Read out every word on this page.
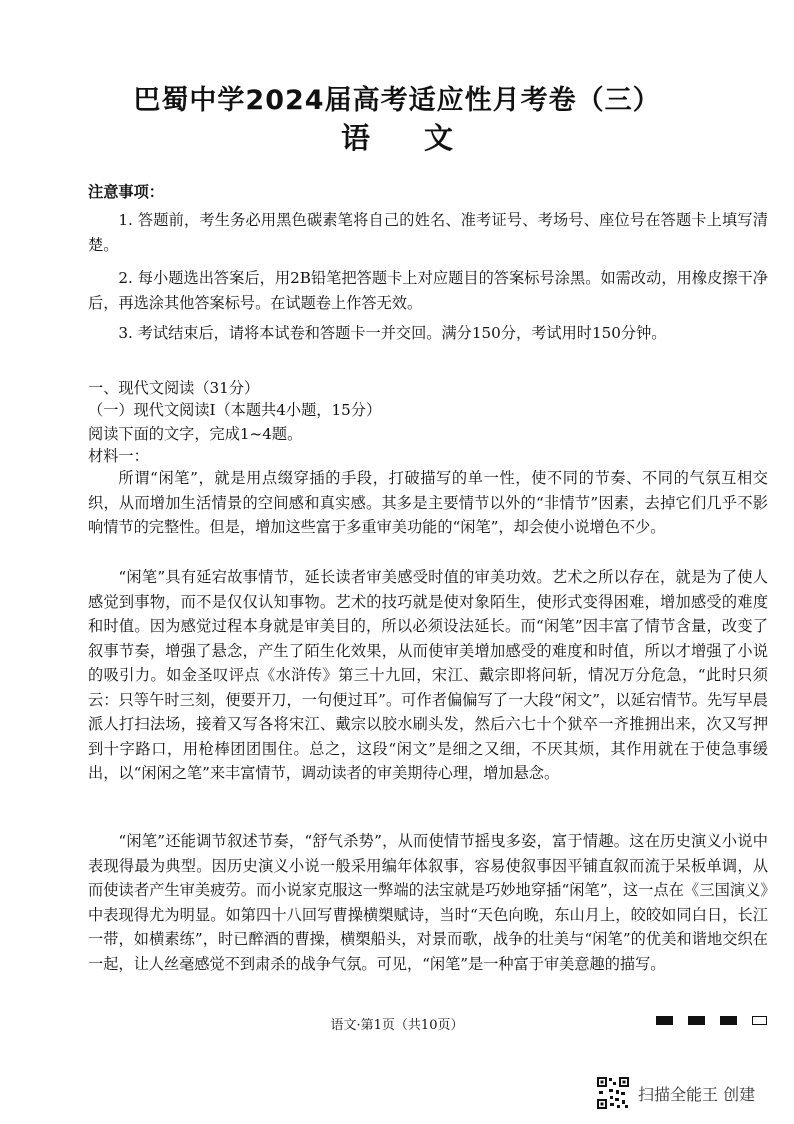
巴蜀中学2024届高考适应性月考卷（三）
语 文
注意事项：

1. 答题前，考生务必用黑色碳素笔将自己的姓名、准考证号、考场号、座位号在答题卡上填写清楚。

2. 每小题选出答案后，用2B铅笔把答题卡上对应题目的答案标号涂黑。如需改动，用橡皮擦干净后，再选涂其他答案标号。在试题卷上作答无效。

3. 考试结束后，请将本试卷和答题卡一并交回。满分150分，考试用时150分钟。

一、现代文阅读（31分）
（一）现代文阅读Ⅰ（本题共4小题，15分）
阅读下面的文字，完成1~4题。
材料一：

所谓“闲笔”，就是用点缀穿插的手段，打破描写的单一性，使不同的节奏、不同的气氛互相交织，从而增加生活情景的空间感和真实感。其多是主要情节以外的“非情节”因素，去掉它们几乎不影响情节的完整性。但是，增加这些富于多重审美功能的“闲笔”，却会使小说增色不少。

“闲笔”具有延宕故事情节，延长读者审美感受时值的审美功效。艺术之所以存在，就是为了使人感觉到事物，而不是仅仅认知事物。艺术的技巧就是使对象陌生，使形式变得困难，增加感受的难度和时值。因为感觉过程本身就是审美目的，所以必须设法延长。而“闲笔”因丰富了情节含量，改变了叙事节奏，增强了悬念，产生了陌生化效果，从而使审美增加感受的难度和时值，所以才增强了小说的吸引力。如金圣叹评点《水浒传》第三十九回，宋江、戴宗即将问斩，情况万分危急，“此时只须云：只等午时三刻，便要开刀，一句便过耳”。可作者偏偏写了一大段“闲文”，以延宕情节。先写早晨派人打扫法场，接着又写各将宋江、戴宗以胶水刷头发，然后六七十个狱卒一齐推拥出来，次又写押到十字路口，用枪棒团团围住。总之，这段“闲文”是细之又细，不厌其烦，其作用就在于使急事缓出，以“闲闲之笔”来丰富情节，调动读者的审美期待心理，增加悬念。

“闲笔”还能调节叙述节奏，“舒气杀势”，从而使情节摇曳多姿，富于情趣。这在历史演义小说中表现得最为典型。因历史演义小说一般采用编年体叙事，容易使叙事因平铺直叙而流于呆板单调，从而使读者产生审美疲劳。而小说家克服这一弊端的法宝就是巧妙地穿插“闲笔”，这一点在《三国演义》中表现得尤为明显。如第四十八回写曹操横槊赋诗，当时“天色向晚，东山月上，皎皎如同白日，长江一带，如横素练”，时已醉酒的曹操，横槊船头，对景而歌，战争的壮美与“闲笔”的优美和谐地交织在一起，让人丝毫感觉不到肃杀的战争气氛。可见，“闲笔”是一种富于审美意趣的描写。

语文·第1页（共10页）
扫描全能王 创建
